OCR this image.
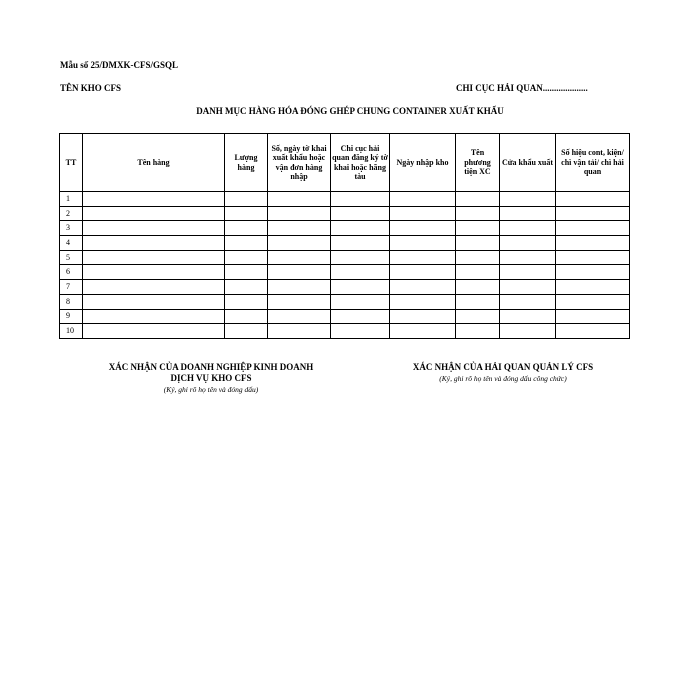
Mẫu số 25/DMXK-CFS/GSQL
TÊN KHO CFS	CHI CỤC HẢI QUAN....................
DANH MỤC HÀNG HÓA ĐÓNG GHÉP CHUNG CONTAINER XUẤT KHẨU
TT	Tên hàng	Lượng hàng	Số, ngày tờ khai xuất khẩu hoặc vận đơn hàng nhập	Chi cục hải quan đăng ký tờ khai hoặc hãng tàu	Ngày nhập kho	Tên phương tiện XC	Cửa khẩu xuất	Số hiệu cont, kiện/ chì vận tải/ chì hải quan
1								
2								
3								
4								
5								
6								
7								
8								
9								
10								
XÁC NHẬN CỦA DOANH NGHIỆP KINH DOANH
DỊCH VỤ KHO CFS
(Ký, ghi rõ họ tên và đóng dấu)
XÁC NHẬN CỦA HẢI QUAN QUẢN LÝ CFS
(Ký, ghi rõ họ tên và đóng dấu công chức)
